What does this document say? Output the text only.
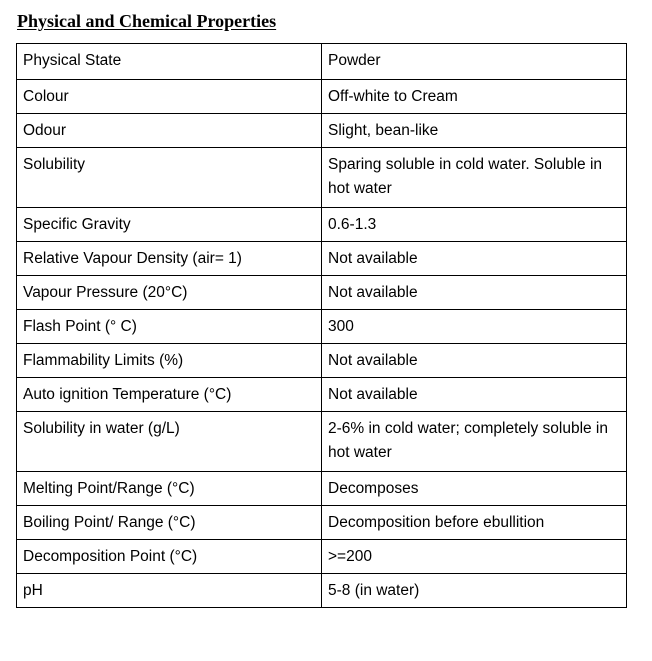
Physical and Chemical Properties
Physical State	Powder
Colour	Off-white to Cream
Odour	Slight, bean-like
Solubility	Sparing soluble in cold water. Soluble in hot water
Specific Gravity	0.6-1.3
Relative Vapour Density (air= 1)	Not available
Vapour Pressure (20°C)	Not available
Flash Point (° C)	300
Flammability Limits (%)	Not available
Auto ignition Temperature (°C)	Not available
Solubility in water (g/L)	2-6% in cold water; completely soluble in hot water
Melting Point/Range (°C)	Decomposes
Boiling Point/ Range (°C)	Decomposition before ebullition
Decomposition Point (°C)	>=200
pH	5-8 (in water)
